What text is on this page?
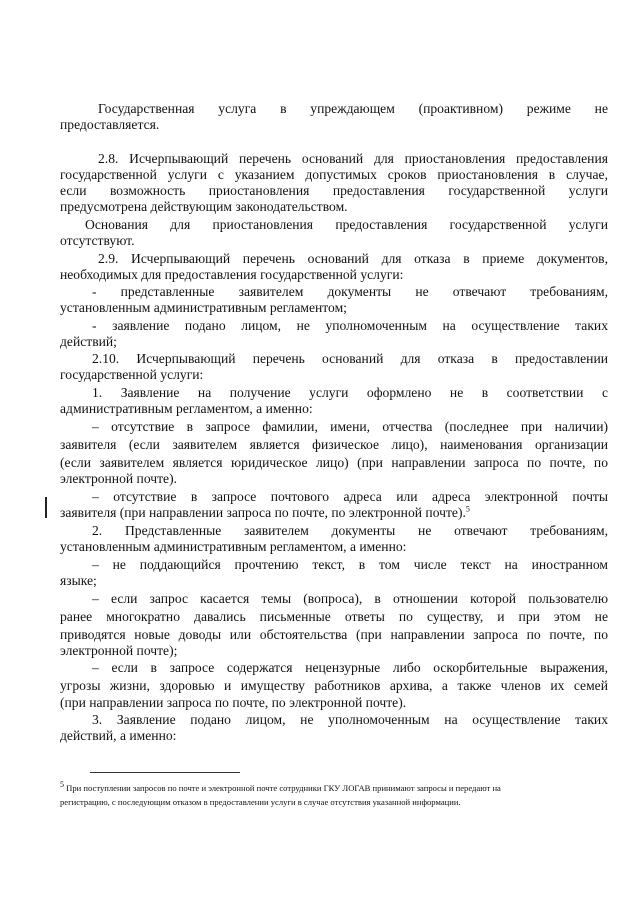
Государственная услуга в упреждающем (проактивном) режиме не
предоставляется.
2.8. Исчерпывающий перечень оснований для приостановления предоставления
государственной услуги с указанием допустимых сроков приостановления в случае,
если возможность приостановления предоставления государственной услуги
предусмотрена действующим законодательством.
Основания для приостановления предоставления государственной услуги
отсутствуют.
2.9. Исчерпывающий перечень оснований для отказа в приеме документов,
необходимых для предоставления государственной услуги:
- представленные заявителем документы не отвечают требованиям,
установленным административным регламентом;
- заявление подано лицом, не уполномоченным на осуществление таких
действий;
2.10. Исчерпывающий перечень оснований для отказа в предоставлении
государственной услуги:
1. Заявление на получение услуги оформлено не в соответствии с
административным регламентом, а именно:
– отсутствие в запросе фамилии, имени, отчества (последнее при наличии)
заявителя (если заявителем является физическое лицо), наименования организации
(если заявителем является юридическое лицо) (при направлении запроса по почте, по
электронной почте).
– отсутствие в запросе почтового адреса или адреса электронной почты
заявителя (при направлении запроса по почте, по электронной почте).$^5$
2. Представленные заявителем документы не отвечают требованиям,
установленным административным регламентом, а именно:
– не поддающийся прочтению текст, в том числе текст на иностранном
языке;
– если запрос касается темы (вопроса), в отношении которой пользователю
ранее многократно давались письменные ответы по существу, и при этом не
приводятся новые доводы или обстоятельства (при направлении запроса по почте, по
электронной почте);
– если в запросе содержатся нецензурные либо оскорбительные выражения,
угрозы жизни, здоровью и имуществу работников архива, а также членов их семей
(при направлении запроса по почте, по электронной почте).
3. Заявление подано лицом, не уполномоченным на осуществление таких
действий, а именно:
5 При поступлении запросов по почте и электронной почте сотрудники ГКУ ЛОГАВ принимают запросы и передают на
регистрацию, с последующим отказом в предоставлении услуги в случае отсутствия указанной информации.
